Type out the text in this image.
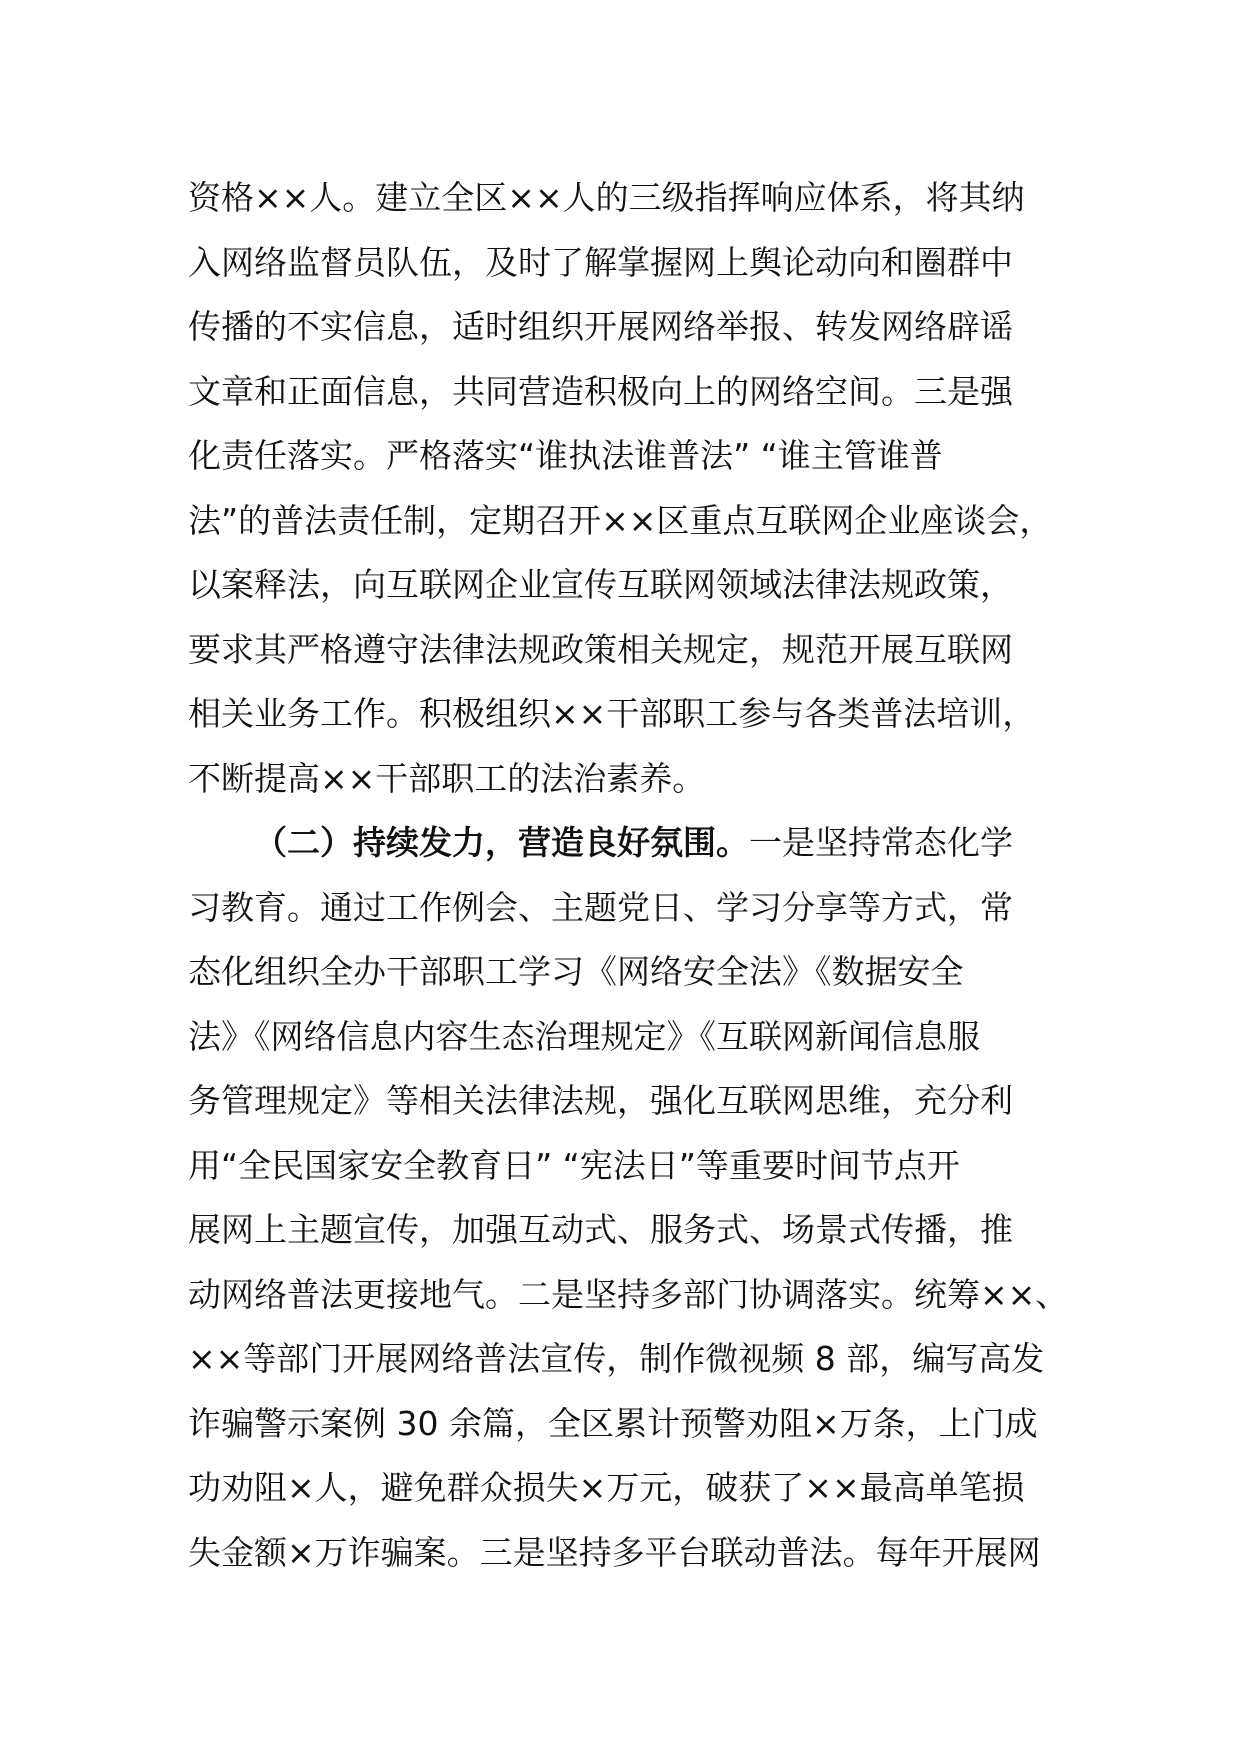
资格××人。建立全区××人的三级指挥响应体系，将其纳
入网络监督员队伍，及时了解掌握网上舆论动向和圈群中
传播的不实信息，适时组织开展网络举报、转发网络辟谣
文章和正面信息，共同营造积极向上的网络空间。三是强
化责任落实。严格落实“谁执法谁普法” “谁主管谁普
法”的普法责任制，定期召开××区重点互联网企业座谈会，
以案释法，向互联网企业宣传互联网领域法律法规政策，
要求其严格遵守法律法规政策相关规定，规范开展互联网
相关业务工作。积极组织××干部职工参与各类普法培训，
不断提高××干部职工的法治素养。
（二）持续发力，营造良好氛围。一是坚持常态化学
习教育。通过工作例会、主题党日、学习分享等方式，常
态化组织全办干部职工学习《网络安全法》《数据安全
法》《网络信息内容生态治理规定》《互联网新闻信息服
务管理规定》等相关法律法规，强化互联网思维，充分利
用“全民国家安全教育日” “宪法日”等重要时间节点开
展网上主题宣传，加强互动式、服务式、场景式传播，推
动网络普法更接地气。二是坚持多部门协调落实。统筹××、
××等部门开展网络普法宣传，制作微视频 8 部，编写高发
诈骗警示案例 30 余篇，全区累计预警劝阻×万条，上门成
功劝阻×人，避免群众损失×万元，破获了××最高单笔损
失金额×万诈骗案。三是坚持多平台联动普法。每年开展网
